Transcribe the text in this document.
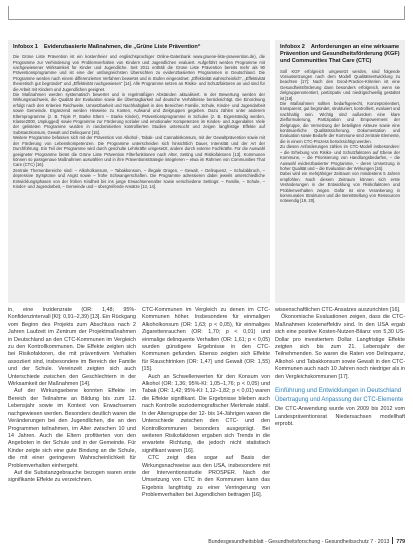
Infobox 1 Evidenzbasierte Maßnahmen, die „Grüne Liste Prävention“

Die Grüne Liste Prävention ist ein kostenfreier und englischsprachiger Online-Datenbank www.gruene-liste-praevention.de), die Programme zur Verhinderung von Problemverhalten von Kindern und Jugendlichen evaluiert. Aufgeführt werden Programme mit nachgewiesener Wirksamkeit für Kinder und Jugendliche. Seit 2011 enthält die Grüne Liste Prävention bereits mehr als 90 Präventionsprogramme und ist eine der umfangreichsten Übersichten zu evidenzbasierten Programmen in Deutschland. Die Programme werden nach einem differenzierten Verfahren bewertet und in Stufen eingeordnet: „Effektivität wahrscheinlich“, „Effektivität theoretisch gut begründet“ und „Effektivität nachgewiesen“ [14]. Alle Programme setzen an Risiko- und Schutzfaktoren an und sind für die Arbeit mit Kindern und Jugendlichen geeignet.

Die Maßnahmen werden systematisch bewertet und in regelmäßigen Abständen aktualisiert. In der Bewertung werden der Wirkungsnachweis, die Qualität der Evaluation sowie die Übertragbarkeit auf deutsche Verhältnisse berücksichtigt. Die Einordnung erfolgt nach den Kriterien Reichweite, Umsetzbarkeit und Nachhaltigkeit in den Bereichen Familie, Schule, Kinder- und Jugendarbeit sowie Gemeinde. Ergänzend werden Hinweise zu Kosten, Aufwand und Zielgruppen gegeben. Dazu zählen unter anderem Elternprogramme (z. B. Triple P, Starke Eltern – Starke Kinder), Präventionsprogramme in Schulen (z. B. Eigenständig werden, Klasse2000, Unplugged) sowie Programme zur Förderung sozialer und emotionaler Kompetenzen im Kindes- und Jugendalter. Viele der gelisteten Programme wurden in randomisierten kontrollierten Studien untersucht und zeigen langfristige Effekte auf Substanzkonsum, Gewalt und Delinquenz [15].

Weitere Programme befassen sich mit der Prävention von Alkohol-, Tabak- und Cannabiskonsum, mit der Gewaltprävention sowie mit der Förderung von Lebenskompetenzen. Die Programme unterscheiden sich hinsichtlich Dauer, Intensität und der Art der Durchführung. Ein Teil der Programme wird durch geschulte Lehrkräfte umgesetzt, andere durch externe Fachkräfte. Für die Auswahl geeigneter Programme bietet die Grüne Liste Prävention Filterfunktionen nach Alter, Setting und Risikofaktoren [13]. Kommunen können so passgenaue Maßnahmen auswählen und in ihre Präventionsstrategie integrieren – etwa im Rahmen von Communities That Care (CTC) [16].

Zentrale Themenbereiche sind: – Alkoholkonsum, – Tabakkonsum, – illegale Drogen, – Gewalt, – Delinquenz, – Schulabbruch, – depressive Symptome und Angst sowie – frühe Schwangerschaften. Die Programme adressieren dabei jeweils unterschiedliche Entwicklungsphasen von der frühen Kindheit bis ins junge Erwachsenenalter sowie verschiedene Settings: – Familie, – Schule, – Kinder- und Jugendarbeit, – Gemeinde und – übergreifende Ansätze [13, 14].

Infobox 2 Anforderungen an eine wirksame Prävention und Gesundheitsförderung (KGF) und Communities That Care (CTC)

Soll KGF erfolgreich umgesetzt werden, sind folgende Voraussetzungen nach dem Modell Qualitätsentwicklung zu beachten [17]: Nach den Good-Practice-Kriterien ist eine Gesundheitsförderung dann besonders erfolgreich, wenn sie zielgruppenorientiert, partizipativ und niedrigschwellig gestaltet ist [18].

Die Maßnahmen sollten bedarfsgerecht, Konzeptorientiert, transparent, gut begründet, strukturiert, kontrolliert, evaluiert und nachhaltig sein. Wichtig sind außerdem eine klare Zielformulierung, Partizipation und Empowerment der Zielgruppe, die Vernetzung der beteiligten Akteure sowie eine kontinuierliche Qualitätssicherung. Dokumentation und Evaluation sowie Bedarfe der Kommune sind zentrale Elemente, die in einem CTC-Prozess berücksichtigt werden.

Zu diesen Anforderungen zählen im CTC-Modell insbesondere: – die Erhebung von Risiko- und Schutzfaktoren auf Ebene der Kommune, – die Priorisierung von Handlungsbedarfen, – die Auswahl evidenzbasierter Programme, – deren Umsetzung in hoher Qualität und – die Evaluation der Wirkungen [16].

Dabei wird ein mehrjähriger Zeitraum von mindestens 5 Jahren empfohlen. Nach diesem Zeitraum können sich erste Veränderungen in der Entwicklung von Risikofaktoren und Problemverhalten zeigen. Dafür ist eine Verankerung in kommunalen Strukturen und die Bereitstellung von Ressourcen notwendig [19, 20].

in, eine Inzidenzrate (OR: 1,48; 95%-Konfidenzintervall [KI]: 0,91–2,39) [13]. Ein Rückgang vom Beginn des Projekts zum Abschluss nach 2 Jahren Laufzeit im Zentrum der Projektmaßnahmen in Deutschland an den CTC-Kommunen im Vergleich zu den Kontrollkommunen. Die Effekte zeigten sich bei Risikofaktoren, die mit präventivem Verhalten assoziiert sind, insbesondere im Bereich der Familie und der Schule. Vereinzelt zeigten sich auch Unterschiede zwischen den Geschlechtern in der Wirksamkeit der Maßnahmen [14].

Auf der Wirkungsebene konnten Effekte im Bereich der Teilnahme an Bildung bis zum 12. Lebensjahr sowie im Kontext von Erwachsenen nachgewiesen werden. Besonders deutlich waren die Veränderungen bei den Jugendlichen, die an den Programmen teilnahmen, im Alter zwischen 10 und 14 Jahren. Auch die Eltern profitierten von den Angeboten in der Schule und in der Gemeinde. Für Kinder zeigte sich eine gute Bindung an die Schule, die mit einer geringeren Wahrscheinlichkeit für Problemverhalten einhergeht.

Auf die Substanzgebrauche bezogen waren erste signifikante Effekte zu verzeichnen.

CTC-Kommunen im Vergleich zu denen im CTC-Kommunen höher. Insbesondere für einmaligen Alkoholkonsum (OR: 1,63; p < 0,05), für einmaliges Zigarettenrauchen (OR: 1,70; p < 0,01) und einmalige delinquente Verhalten (OR: 1,61; p < 0,05) wurden günstigere Ergebnisse in den CTC-Kommunen gefunden. Ebenso zeigten sich Effekte für Rauschtrinken (OR: 1,47) und Gewalt (OR: 1,55) [15].

Auch an Schwellenwerten für den Konsum von Alkohol (OR: 1,36; 95%-KI: 1,05–1,76; p < 0,05) und Tabak (OR: 1,42; 95%-KI: 1,12–1,82; p < 0,01) waren die Effekte signifikant. Die Ergebnisse blieben auch nach Kontrolle soziodemografischer Merkmale stabil. In der Altersgruppe der 12- bis 14-Jährigen waren die Unterschiede zwischen den CTC- und den Kontrollkommunen besonders ausgeprägt. Bei weiteren Risikofaktoren ergaben sich Trends in die erwartete Richtung, die jedoch nicht statistisch signifikant waren [16].

CTC zeigt dies sogar auf Basis der Wirkungsnachweise aus den USA, insbesondere mit der Interventionsstudie PROSPER. Nach der Umsetzung von CTC in den Kommunen kann das Ergebnis langfristig zu einer Verringerung von Problemverhalten bei Jugendlichen beitragen [16].

wissenschaftlichen CTC-Ansatzes auszurichten [16].

Ökonomische Evaluationen zeigen, dass die CTC-Maßnahmen kosteneffektiv sind. In den USA ergab sich eine positive Kosten-Nutzen-Bilanz von 5,30 US-Dollar pro investiertem Dollar. Langfristige Effekte zeigten sich bis zum 21. Lebensjahr der Teilnehmenden. So waren die Raten von Delinquenz, Alkohol- und Tabakkonsum sowie Gewalt in den CTC-Kommunen auch nach 10 Jahren noch niedriger als in den Vergleichskommunen [17].

Einführung und Entwicklungen in Deutschland
Übertragung und Anpassung der CTC-Elemente

Die CTC-Anwendung wurde von 2009 bis 2012 vom Landespräventionsrat Niedersachsen modellhaft erprobt.

Bundesgesundheitsblatt - Gesundheitsforschung - Gesundheitsschutz 7 · 2013 779
